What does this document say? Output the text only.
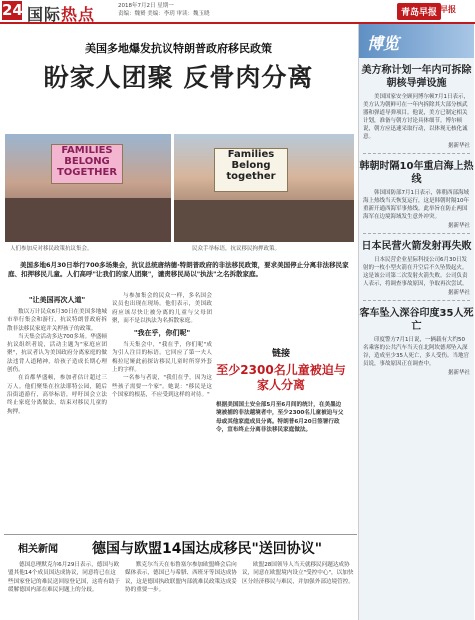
24 国际热点	2018年7月2日 星期一
责编：魏赟 美编：李玥 审读：魏玉晓	青岛早报 早报
美国多地爆发抗议特朗普政府移民政策
盼家人团聚 反骨肉分离
FAMILIES
BELONG
TOGETHER
Families
Belong
together
人们参加反对移民政策抗议集会。	民众手举标语，抗议移民拘押政策。
美国多地6月30日举行700多场集会，抗议总统唐纳德·特朗普政府的非法移民政策，要求美国停止分离非法移民家庭、扣押移民儿童。人们高呼"让我们的家人团聚"，谴责移民局以"执法"之名拆散家庭。
"让美国再次人道"

数以万计民众6月30日在美国多地城市举行集会和游行，抗议特朗普政府拆散非法移民家庭并关押孩子的政策。

当天集会活动多达700多场。华盛顿抗议组织者说，活动主题为"家庭应团聚"，抗议者认为美国政府分离家庭的做法违背人道精神，给孩子造成长期心理创伤。

在首都华盛顿，参加者估计超过三万人。他们聚集在拉法耶特公园，随后沿街道游行，高举标语，呼吁国会立法终止家庭分离做法，结束对移民儿童的拘押。

与参加集会的民众一样，多名国会议员也出现在现场。他们表示，美国政府应该尽快让被分离的儿童与父母团聚，而不是以执法为名拆散家庭。

"我在乎，你们呢"

当天集会中，"我在乎，你们呢"成为引人注目的标语。它回应了第一夫人梅拉尼娅此前探访移民儿童时所穿外套上的字样。

一名参与者说，"我们在乎，因为这些孩子需要一个家"。她说："移民是这个国家的根基，不应受到这样的对待。"

链接
至少2300名儿童被迫与家人分离
根据美国国土安全部5月至6月间的统计，在美墨边境被捕的非法越境者中，至少2300名儿童被迫与父母或其他家庭成员分离。特朗普6月20日签署行政令，宣布终止分离非法移民家庭做法。
相关新闻 德国与欧盟14国达成移民"送回协议"

德国总理默克尔6月29日表示，德国与欧盟其他14个成员国达成协议，同意将已在这些国家登记的难民送回原登记国，这将有助于缓解德国内部在难民问题上的分歧。

默克尔当天在布鲁塞尔参加欧盟峰会后向媒体表示，德国已与希腊、西班牙等国达成协议，这是德国执政联盟内部就难民政策达成妥协的重要一步。

欧盟28国领导人当天就移民问题达成协议，同意在欧盟境内设立"受控中心"，以加快区分经济移民与难民，并加强外部边境管控。

博览
美方称计划一年内可拆除朝核导弹设施

美国国家安全顾问博尔顿7月1日表示，美方认为朝鲜可在一年内拆除其大部分核武器和弹道导弹项目。他说，美方已制定相关计划，准备与朝方讨论具体细节。博尔顿说，朝方应迅速采取行动，以体现无核化诚意。

据新华社
韩朝时隔10年重启海上热线

韩国国防部7月1日表示，韩朝西部海域海上热线当天恢复运行，这是韩朝时隔10年重新开通西海军事热线。此举旨在防止两国海军在边境海域发生意外冲突。

据新华社
日本民营火箭发射再失败

日本民营企业星际科技公司6月30日发射的一枚小型火箭在升空后不久坠毁起火。这是该公司第二次发射火箭失败。公司负责人表示，将调查事故原因，争取再次尝试。

据新华社
客车坠入深谷印度35人死亡

印度警方7月1日说，一辆载有大约50名乘客的公共汽车当天在北阿坎德邦坠入深谷，造成至少35人死亡，多人受伤。当地官员说，事故原因正在调查中。

据新华社
